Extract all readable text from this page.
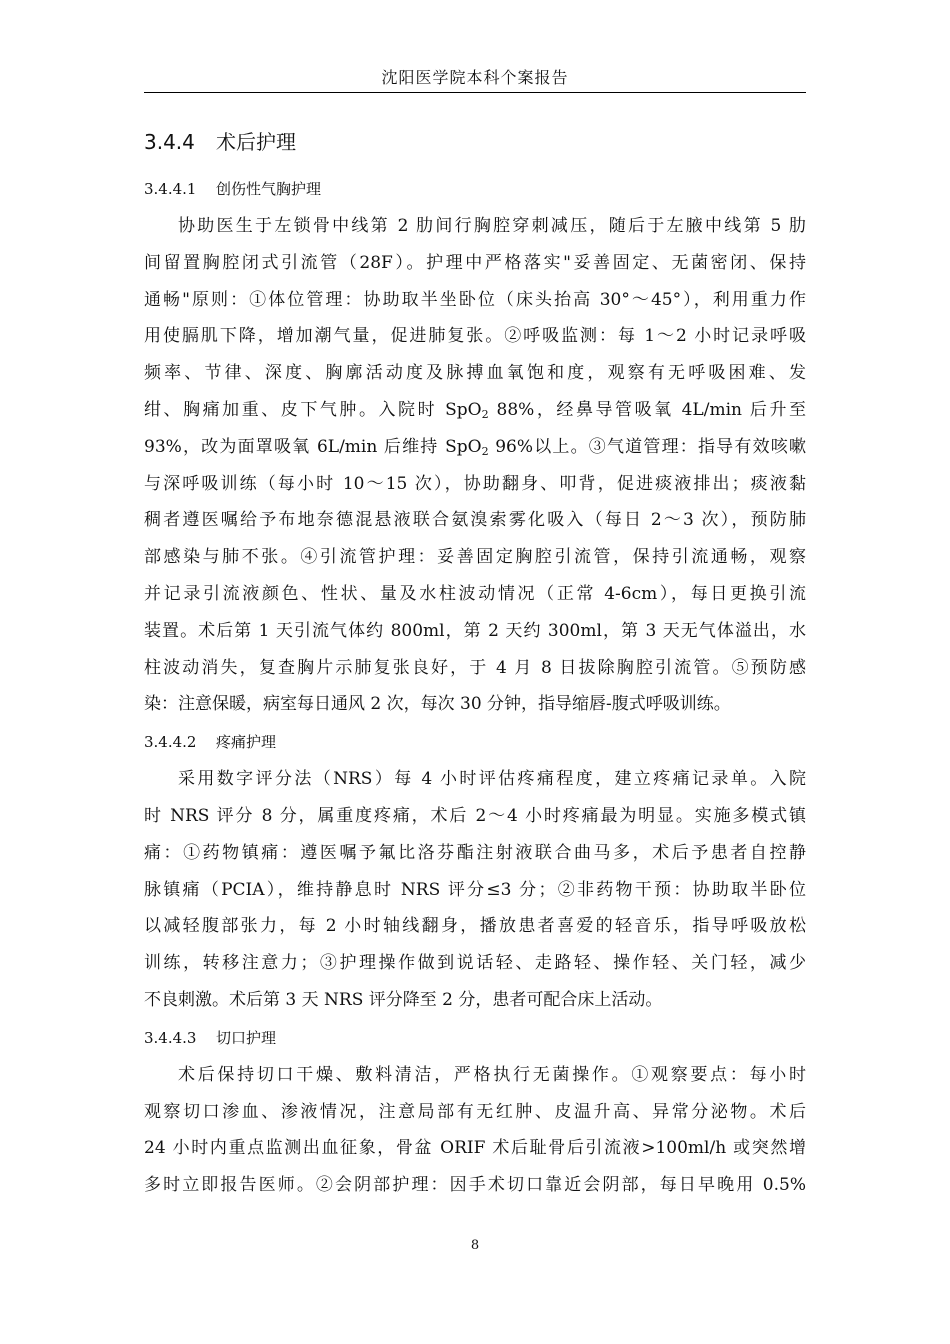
沈阳医学院本科个案报告
3.4.4 术后护理
3.4.4.1 创伤性气胸护理
协助医生于左锁骨中线第 2 肋间行胸腔穿刺减压，随后于左腋中线第 5 肋
间留置胸腔闭式引流管（28F）。护理中严格落实"妥善固定、无菌密闭、保持
通畅"原则：①体位管理：协助取半坐卧位（床头抬高 30°～45°），利用重力作
用使膈肌下降，增加潮气量，促进肺复张。②呼吸监测：每 1～2 小时记录呼吸
频率、节律、深度、胸廓活动度及脉搏血氧饱和度，观察有无呼吸困难、发
绀、胸痛加重、皮下气肿。入院时 SpO$_2$ 88%，经鼻导管吸氧 4L/min 后升至
93%，改为面罩吸氧 6L/min 后维持 SpO$_2$ 96%以上。③气道管理：指导有效咳嗽
与深呼吸训练（每小时 10～15 次），协助翻身、叩背，促进痰液排出；痰液黏
稠者遵医嘱给予布地奈德混悬液联合氨溴索雾化吸入（每日 2～3 次），预防肺
部感染与肺不张。④引流管护理：妥善固定胸腔引流管，保持引流通畅，观察
并记录引流液颜色、性状、量及水柱波动情况（正常 4-6cm），每日更换引流
装置。术后第 1 天引流气体约 800ml，第 2 天约 300ml，第 3 天无气体溢出，水
柱波动消失，复查胸片示肺复张良好，于 4 月 8 日拔除胸腔引流管。⑤预防感
染：注意保暖，病室每日通风 2 次，每次 30 分钟，指导缩唇-腹式呼吸训练。
3.4.4.2 疼痛护理
采用数字评分法（NRS）每 4 小时评估疼痛程度，建立疼痛记录单。入院
时 NRS 评分 8 分，属重度疼痛，术后 2～4 小时疼痛最为明显。实施多模式镇
痛：①药物镇痛：遵医嘱予氟比洛芬酯注射液联合曲马多，术后予患者自控静
脉镇痛（PCIA），维持静息时 NRS 评分≤3 分；②非药物干预：协助取半卧位
以减轻腹部张力，每 2 小时轴线翻身，播放患者喜爱的轻音乐，指导呼吸放松
训练，转移注意力；③护理操作做到说话轻、走路轻、操作轻、关门轻，减少
不良刺激。术后第 3 天 NRS 评分降至 2 分，患者可配合床上活动。
3.4.4.3 切口护理
术后保持切口干燥、敷料清洁，严格执行无菌操作。①观察要点：每小时
观察切口渗血、渗液情况，注意局部有无红肿、皮温升高、异常分泌物。术后
24 小时内重点监测出血征象，骨盆 ORIF 术后耻骨后引流液>100ml/h 或突然增
多时立即报告医师。②会阴部护理：因手术切口靠近会阴部，每日早晚用 0.5%
8
